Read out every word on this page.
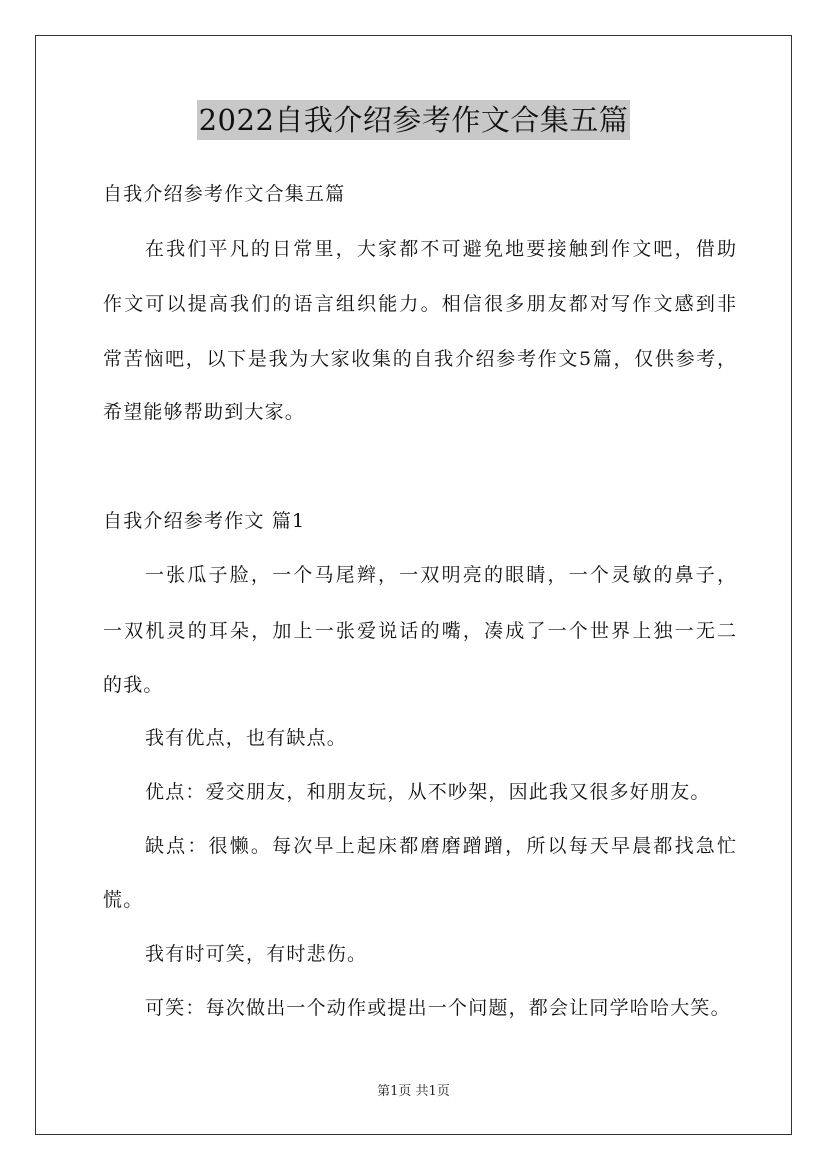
2022自我介绍参考作文合集五篇
自我介绍参考作文合集五篇
在我们平凡的日常里，大家都不可避免地要接触到作文吧，借助
作文可以提高我们的语言组织能力。相信很多朋友都对写作文感到非
常苦恼吧，以下是我为大家收集的自我介绍参考作文5篇，仅供参考，
希望能够帮助到大家。
自我介绍参考作文 篇1
一张瓜子脸，一个马尾辫，一双明亮的眼睛，一个灵敏的鼻子，
一双机灵的耳朵，加上一张爱说话的嘴，凑成了一个世界上独一无二
的我。
我有优点，也有缺点。
优点：爱交朋友，和朋友玩，从不吵架，因此我又很多好朋友。
缺点：很懒。每次早上起床都磨磨蹭蹭，所以每天早晨都找急忙
慌。
我有时可笑，有时悲伤。
可笑：每次做出一个动作或提出一个问题，都会让同学哈哈大笑。
第1页 共1页
